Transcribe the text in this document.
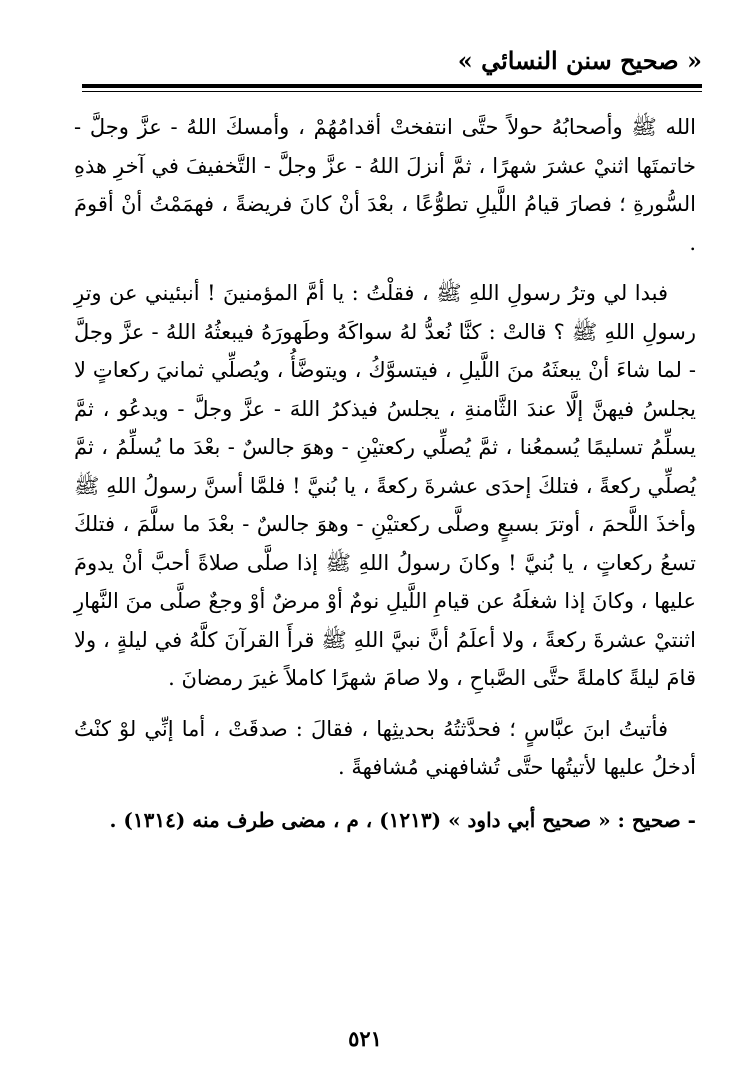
« صحيح سنن النسائي »

الله ﷺ وأصحابُهُ حولاً حتَّى انتفختْ أقدامُهُمْ ، وأمسكَ اللهُ - عزَّ وجلَّ - خاتمتَها اثنيْ عشرَ شهرًا ، ثمَّ أنزلَ اللهُ - عزَّ وجلَّ - التَّخفيفَ في آخرِ هذهِ السُّورةِ ؛ فصارَ قيامُ اللَّيلِ تطوُّعًا ، بعْدَ أنْ كانَ فريضةً ، فهمَمْتُ أنْ أقومَ .

فبدا لي وترُ رسولِ اللهِ ﷺ ، فقلْتُ : يا أمَّ المؤمنينَ ! أنبئيني عن وترِ رسولِ اللهِ ﷺ ؟ قالتْ : كنَّا نُعدُّ لهُ سواكَهُ وطَهورَهُ فيبعثُهُ اللهُ - عزَّ وجلَّ - لما شاءَ أنْ يبعثَهُ منَ اللَّيلِ ، فيتسوَّكُ ، ويتوضَّأُ ، ويُصلِّي ثمانيَ ركعاتٍ لا يجلسُ فيهنَّ إلَّا عندَ الثَّامنةِ ، يجلسُ فيذكرُ اللهَ - عزَّ وجلَّ - ويدعُو ، ثمَّ يسلِّمُ تسليمًا يُسمعُنا ، ثمَّ يُصلِّي ركعتيْنِ - وهوَ جالسٌ - بعْدَ ما يُسلِّمُ ، ثمَّ يُصلِّي ركعةً ، فتلكَ إحدَى عشرةَ ركعةً ، يا بُنيَّ ! فلمَّا أسنَّ رسولُ اللهِ ﷺ وأخذَ اللَّحمَ ، أوترَ بسبعٍ وصلَّى ركعتيْنِ - وهوَ جالسٌ - بعْدَ ما سلَّمَ ، فتلكَ تسعُ ركعاتٍ ، يا بُنيَّ ! وكانَ رسولُ اللهِ ﷺ إذا صلَّى صلاةً أحبَّ أنْ يدومَ عليها ، وكانَ إذا شغلَهُ عن قيامِ اللَّيلِ نومٌ أوْ مرضٌ أوْ وجعٌ صلَّى منَ النَّهارِ اثنتيْ عشرةَ ركعةً ، ولا أعلَمُ أنَّ نبيَّ اللهِ ﷺ قرأَ القرآنَ كلَّهُ في ليلةٍ ، ولا قامَ ليلةً كاملةً حتَّى الصَّباحِ ، ولا صامَ شهرًا كاملاً غيرَ رمضانَ .

فأتيتُ ابنَ عبَّاسٍ ؛ فحدَّثتُهُ بحديثِها ، فقالَ : صدقَتْ ، أما إنِّي لوْ كنْتُ أدخلُ عليها لأتيتُها حتَّى تُشافهني مُشافهةً .

- صحيح : « صحيح أبي داود » (١٢١٣) ، م ، مضى طرف منه (١٣١٤) .

٥٢١
